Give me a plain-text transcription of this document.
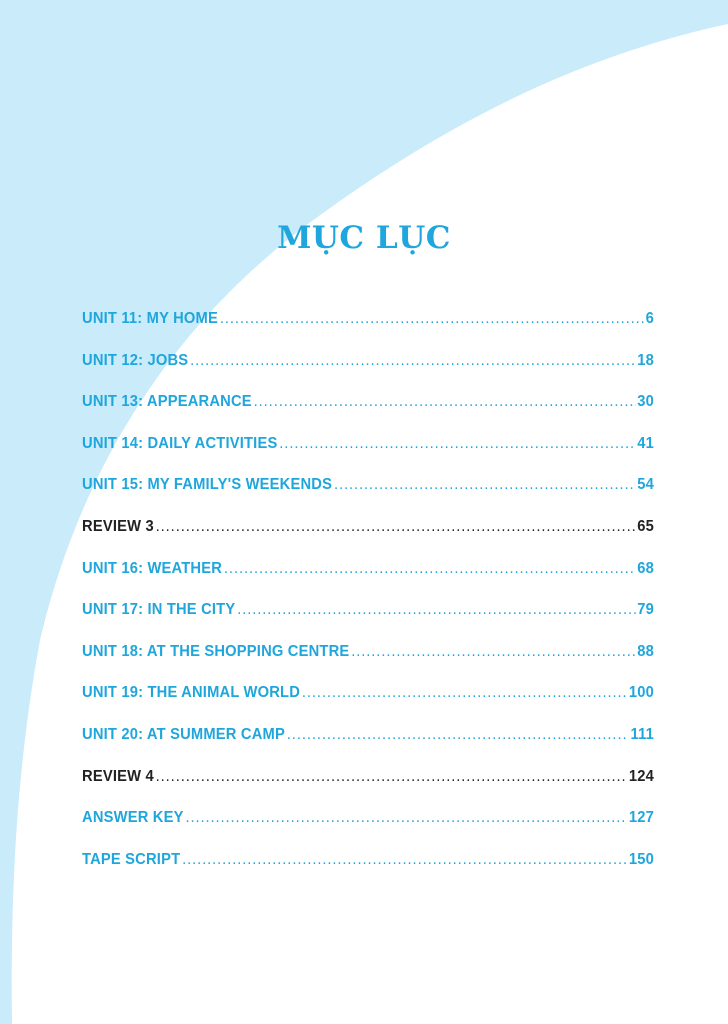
MỤC LỤC
UNIT 11: MY HOME .....	6
UNIT 12: JOBS .....	18
UNIT 13: APPEARANCE .....	30
UNIT 14: DAILY ACTIVITIES .....	41
UNIT 15: MY FAMILY'S WEEKENDS .....	54
REVIEW 3 .....	65
UNIT 16: WEATHER .....	68
UNIT 17: IN THE CITY .....	79
UNIT 18: AT THE SHOPPING CENTRE .....	88
UNIT 19: THE ANIMAL WORLD .....	100
UNIT 20: AT SUMMER CAMP .....	111
REVIEW 4 .....	124
ANSWER KEY .....	127
TAPE SCRIPT .....	150
